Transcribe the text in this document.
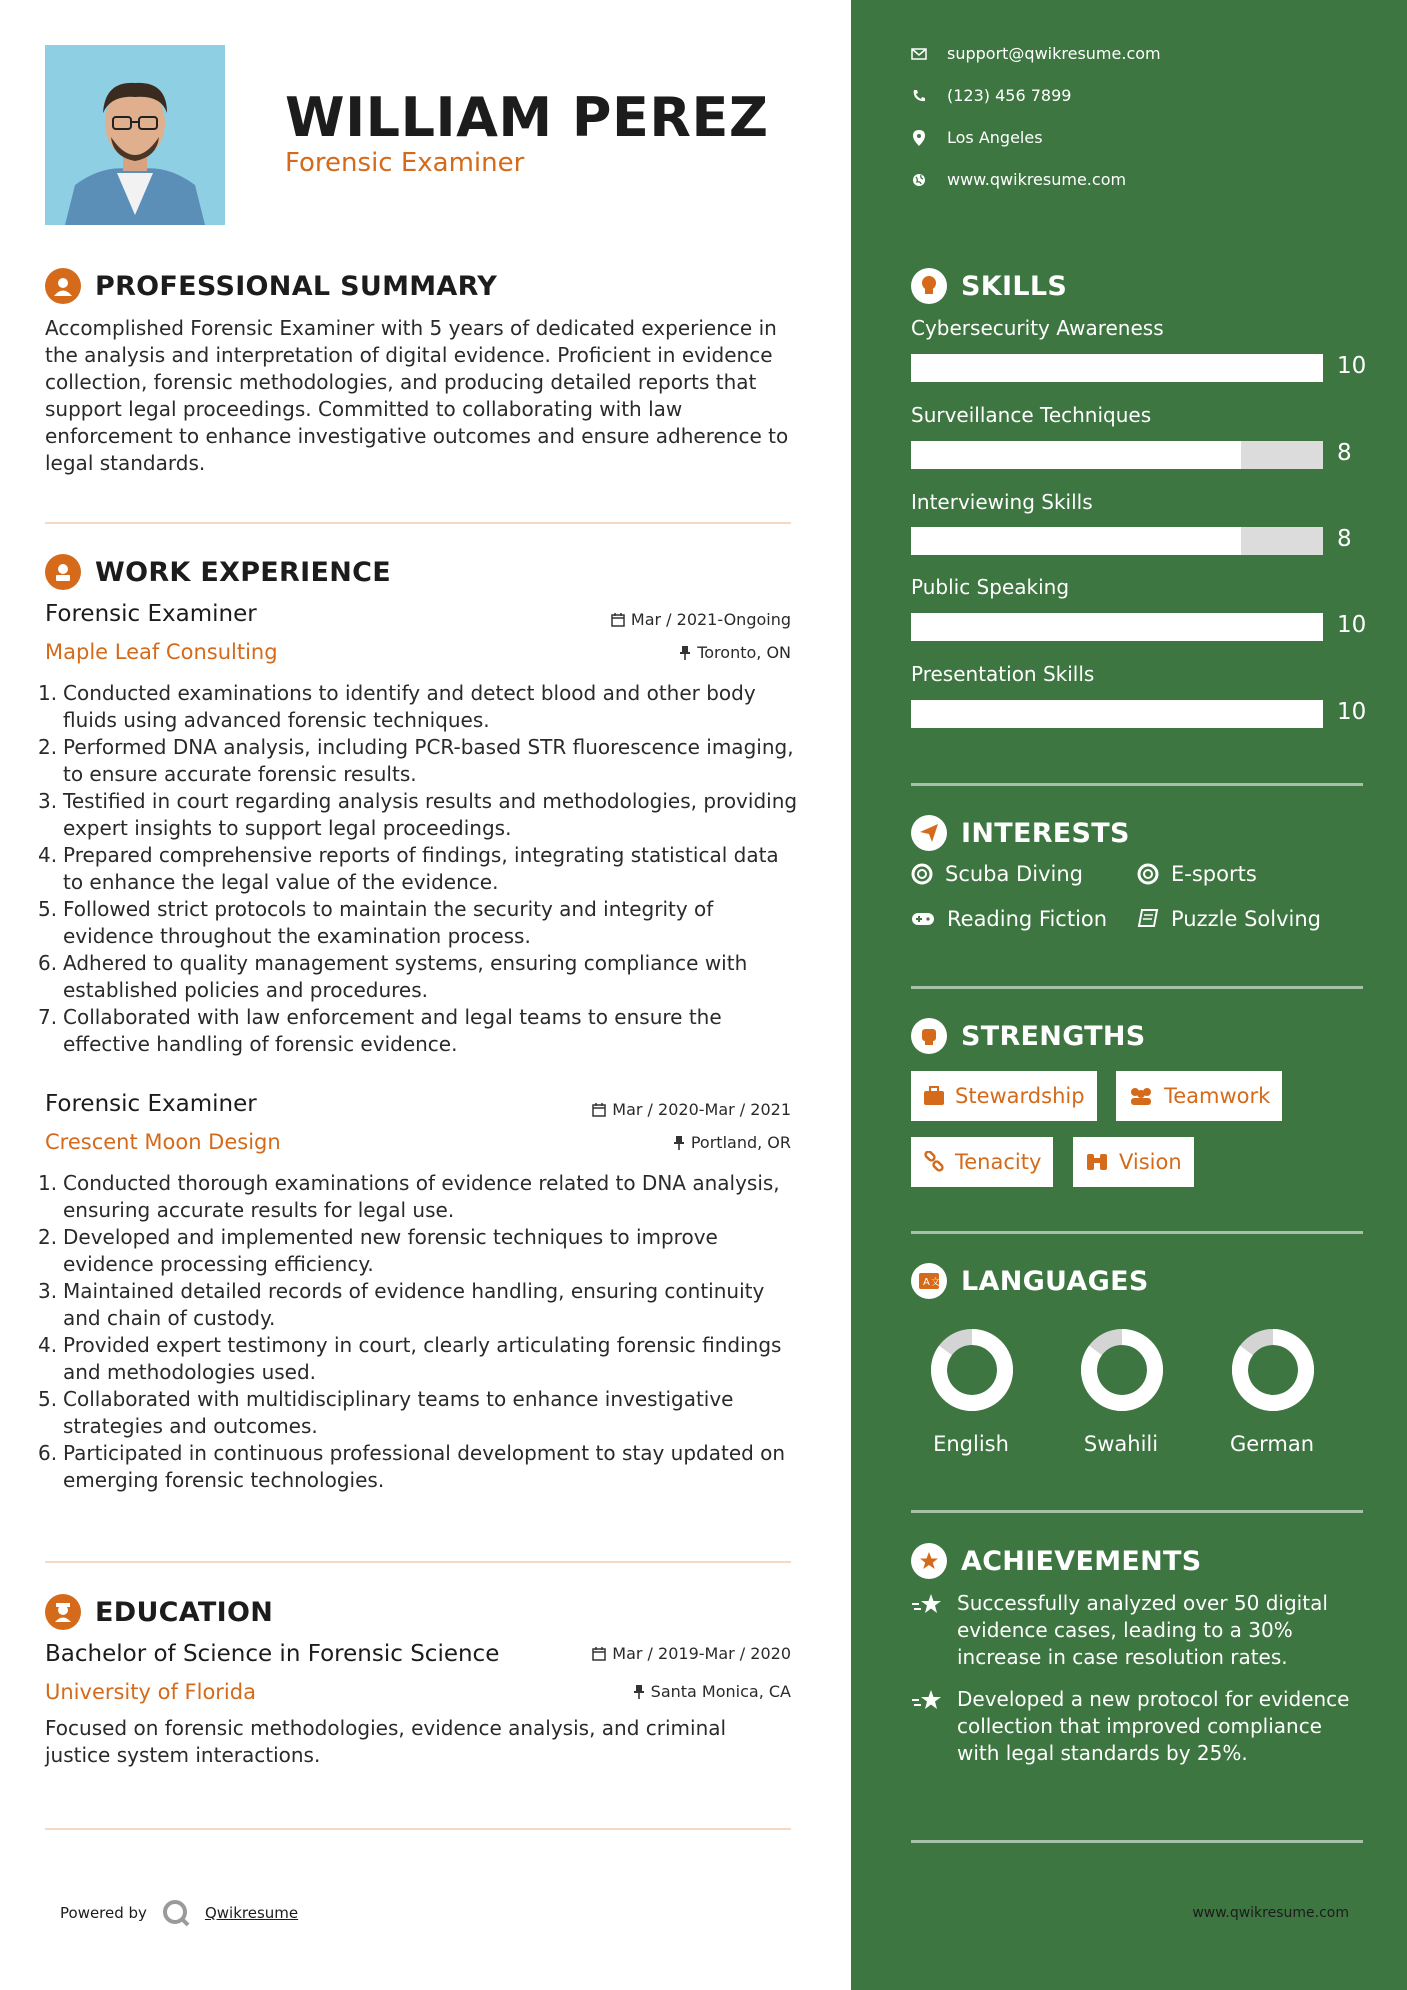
WILLIAM PEREZ
Forensic Examiner
PROFESSIONAL SUMMARY
Accomplished Forensic Examiner with 5 years of dedicated experience in the analysis and interpretation of digital evidence. Proficient in evidence collection, forensic methodologies, and producing detailed reports that support legal proceedings. Committed to collaborating with law enforcement to enhance investigative outcomes and ensure adherence to legal standards.
WORK EXPERIENCE
Forensic Examiner	Mar / 2021-Ongoing
Maple Leaf Consulting	Toronto, ON
1. Conducted examinations to identify and detect blood and other body fluids using advanced forensic techniques.
2. Performed DNA analysis, including PCR-based STR fluorescence imaging, to ensure accurate forensic results.
3. Testified in court regarding analysis results and methodologies, providing expert insights to support legal proceedings.
4. Prepared comprehensive reports of findings, integrating statistical data to enhance the legal value of the evidence.
5. Followed strict protocols to maintain the security and integrity of evidence throughout the examination process.
6. Adhered to quality management systems, ensuring compliance with established policies and procedures.
7. Collaborated with law enforcement and legal teams to ensure the effective handling of forensic evidence.
Forensic Examiner	Mar / 2020-Mar / 2021
Crescent Moon Design	Portland, OR
1. Conducted thorough examinations of evidence related to DNA analysis, ensuring accurate results for legal use.
2. Developed and implemented new forensic techniques to improve evidence processing efficiency.
3. Maintained detailed records of evidence handling, ensuring continuity and chain of custody.
4. Provided expert testimony in court, clearly articulating forensic findings and methodologies used.
5. Collaborated with multidisciplinary teams to enhance investigative strategies and outcomes.
6. Participated in continuous professional development to stay updated on emerging forensic technologies.
EDUCATION
Bachelor of Science in Forensic Science	Mar / 2019-Mar / 2020
University of Florida	Santa Monica, CA
Focused on forensic methodologies, evidence analysis, and criminal justice system interactions.
Powered by	Qwikresume
support@qwikresume.com
(123) 456 7899
Los Angeles
www.qwikresume.com
SKILLS
Cybersecurity Awareness
10
Surveillance Techniques
8
Interviewing Skills
8
Public Speaking
10
Presentation Skills
10
INTERESTS
Scuba Diving	E-sports
Reading Fiction	Puzzle Solving
STRENGTHS
Stewardship	Teamwork
Tenacity	Vision
A 文 LANGUAGES
English	Swahili	German
ACHIEVEMENTS
Successfully analyzed over 50 digital evidence cases, leading to a 30% increase in case resolution rates.
Developed a new protocol for evidence collection that improved compliance with legal standards by 25%.
www.qwikresume.com
